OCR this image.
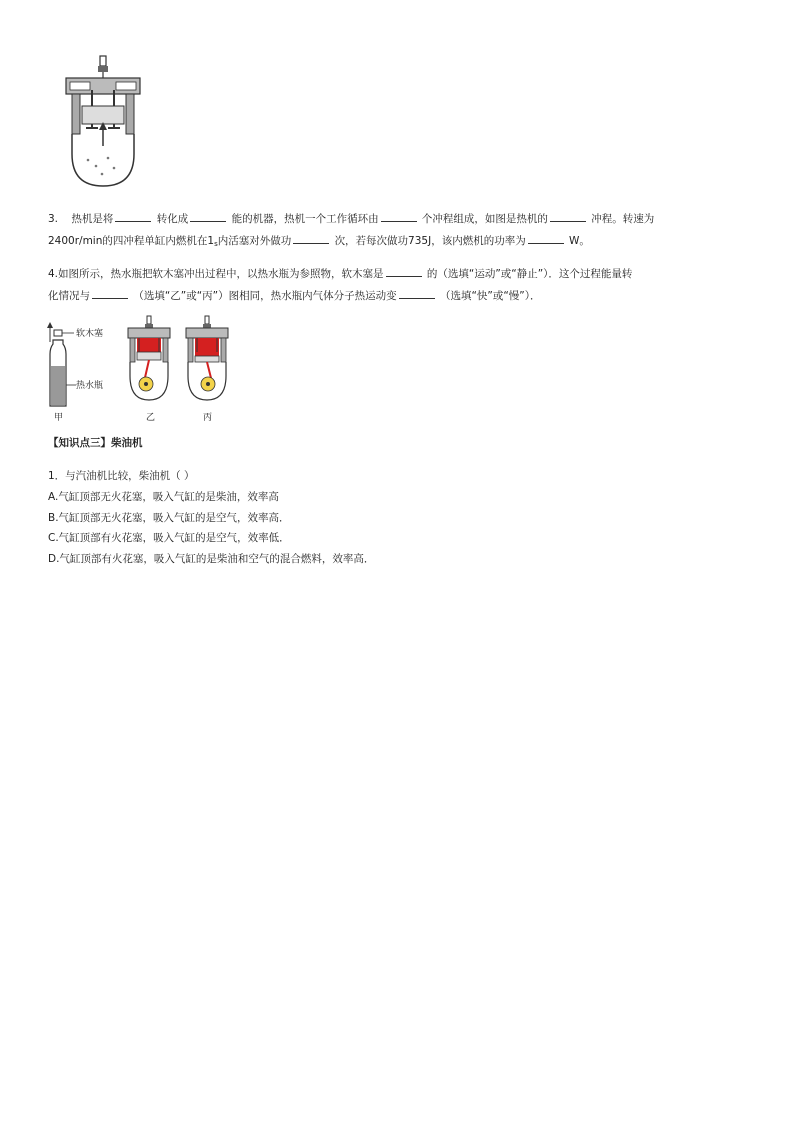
3. 热机是将	转化成	能的机器，热机一个工作循环由	个冲程组成，如图是热机的	冲程。转速为
2400r/min的四冲程单缸内燃机在$1_s$内活塞对外做功	次，若每次做功735J，该内燃机的功率为	W。
4.如图所示，热水瓶把软木塞冲出过程中，以热水瓶为参照物，软木塞是	的（选填“运动”或“静止”）．这个过程能量转
化情况与	（选填“乙”或“丙”）图相同，热水瓶内气体分子热运动变	（选填“快”或“慢”）．
软木塞
热水瓶
甲	乙	丙
【知识点三】柴油机
1．与汽油机比较，柴油机（ ）
A.气缸顶部无火花塞，吸入气缸的是柴油，效率高
B.气缸顶部无火花塞，吸入气缸的是空气，效率高．
C.气缸顶部有火花塞，吸入气缸的是空气，效率低．
D.气缸顶部有火花塞，吸入气缸的是柴油和空气的混合燃料，效率高．
